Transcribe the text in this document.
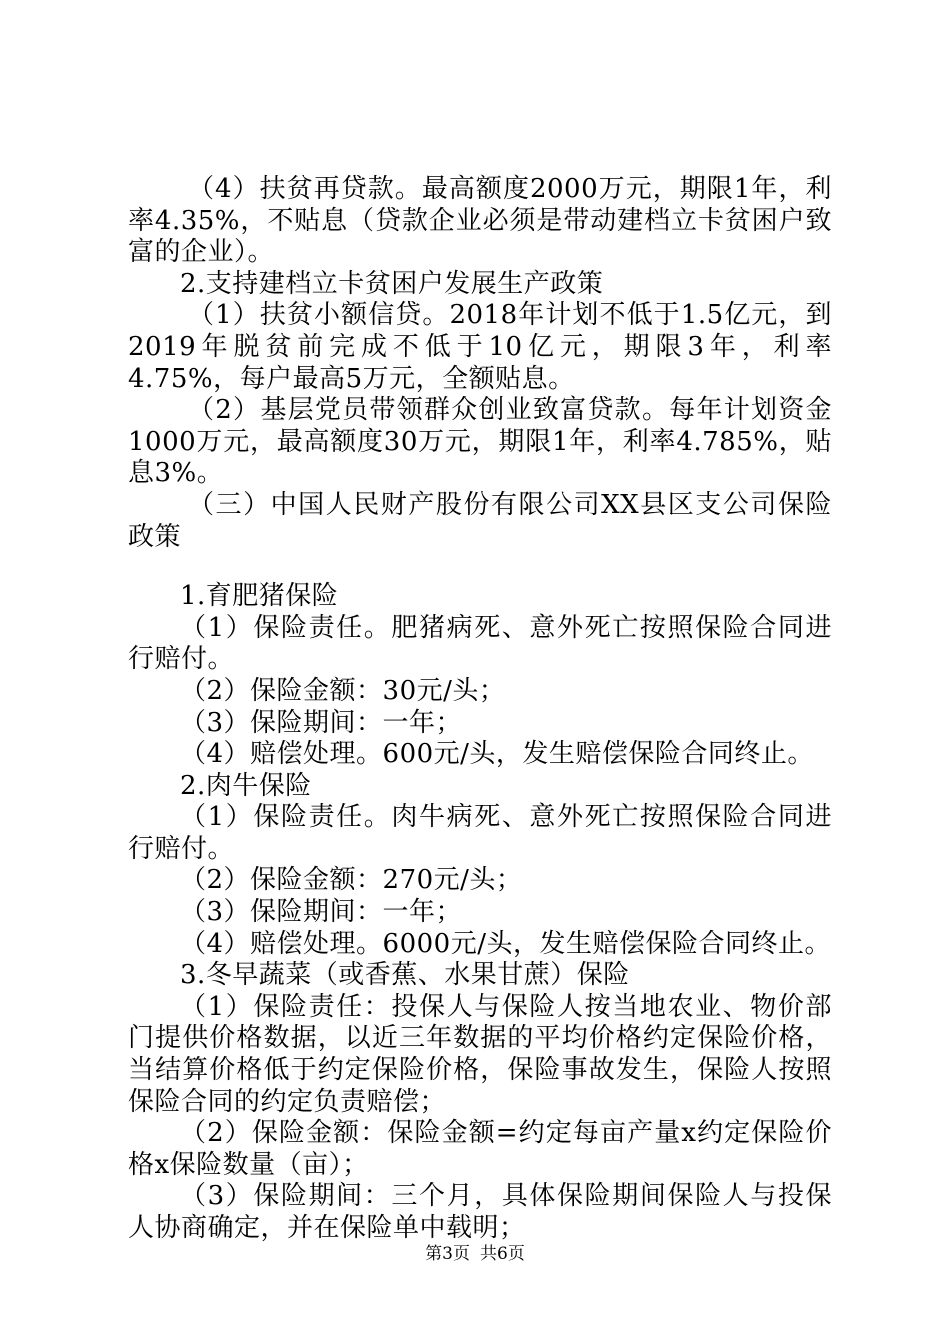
（4）扶贫再贷款。最高额度2000万元，期限1年，利率4.35%，不贴息（贷款企业必须是带动建档立卡贫困户致富的企业）。

2.支持建档立卡贫困户发展生产政策

（1）扶贫小额信贷。2018年计划不低于1.5亿元，到2019年脱贫前完成不低于10亿元，期限3年，利率4.75%，每户最高5万元，全额贴息。

（2）基层党员带领群众创业致富贷款。每年计划资金1000万元，最高额度30万元，期限1年，利率4.785%，贴息3%。

（三）中国人民财产股份有限公司XX县区支公司保险政策

1.育肥猪保险

（1）保险责任。肥猪病死、意外死亡按照保险合同进行赔付。

（2）保险金额：30元/头；

（3）保险期间：一年；

（4）赔偿处理。600元/头，发生赔偿保险合同终止。

2.肉牛保险

（1）保险责任。肉牛病死、意外死亡按照保险合同进行赔付。

（2）保险金额：270元/头；

（3）保险期间：一年；

（4）赔偿处理。6000元/头，发生赔偿保险合同终止。

3.冬早蔬菜（或香蕉、水果甘蔗）保险

（1）保险责任：投保人与保险人按当地农业、物价部门提供价格数据，以近三年数据的平均价格约定保险价格，当结算价格低于约定保险价格，保险事故发生，保险人按照保险合同的约定负责赔偿；

（2）保险金额：保险金额=约定每亩产量x约定保险价格x保险数量（亩）；

（3）保险期间：三个月，具体保险期间保险人与投保人协商确定，并在保险单中载明；

第3页 共6页
